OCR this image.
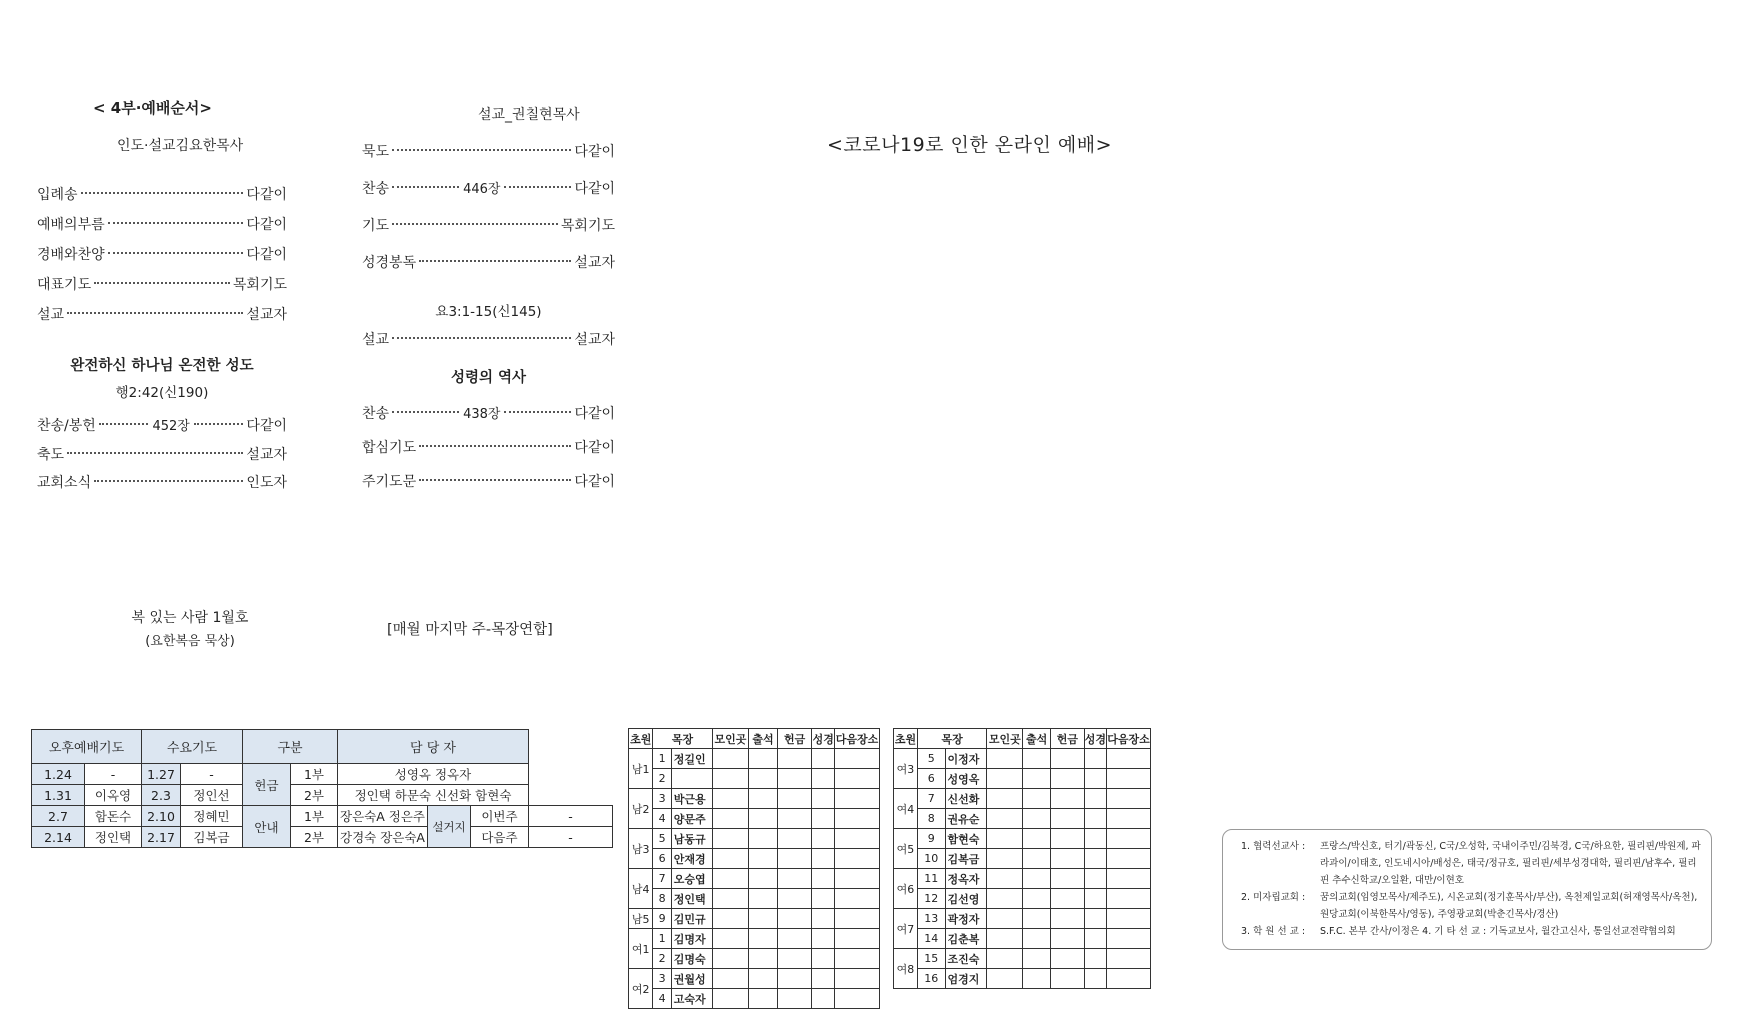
< 4부·예배순서>
인도·설교김요한목사
입례송	다같이
예배의부름	다같이
경배와찬양	다같이
대표기도	목회기도
설교	설교자
완전하신 하나님 온전한 성도
행2:42(신190)
찬송/봉헌	452장	다같이
축도	설교자
교회소식	인도자
설교_권칠현목사
묵도	다같이
찬송	446장	다같이
기도	목회기도
성경봉독	설교자
요3:1-15(신145)
설교	설교자
성령의 역사
찬송	438장	다같이
합심기도	다같이
주기도문	다같이
<코로나19로 인한 온라인 예배>
복 있는 사람 1월호
(요한복음 묵상)
[매월 마지막 주-목장연합]
오후예배기도		수요기도		구분		담 당 자			
1.24	-	1.27	-	헌금	1부	성영옥 정옥자			
1.31	이옥영	2.3	정인선		2부	정인택 하문숙 신선화 함현숙			
2.7	함돈수	2.10	정혜민	안내	1부	장은숙A 정은주	설거지	이번주	-
2.14	정인택	2.17	김복금		2부	강경숙 장은숙A		다음주	-
초원	목장		모인곳	출석	헌금	성경	다음장소
남1	1	정길인					
	2						
남2	3	박근용					
	4	양문주					
남3	5	남동규					
	6	안재경					
남4	7	오승엽					
	8	정인택					
남5	9	김민규					
여1	1	김명자					
	2	김명숙					
여2	3	권월성					
	4	고숙자					
초원	목장		모인곳	출석	헌금	성경	다음장소
여3	5	이정자					
	6	성영옥					
여4	7	신선화					
	8	권유순					
여5	9	함현숙					
	10	김복금					
여6	11	정옥자					
	12	김선영					
여7	13	곽정자					
	14	김춘복					
여8	15	조진숙					
	16	엄경지					
1. 협력선교사 :	프랑스/박신호, 터기/곽동신, C국/오성학, 국내이주민/김북경, C국/하요한, 필리핀/박원제, 파라과이/이태호, 인도네시아/배성은, 태국/정규호, 필리핀/세부성경대학, 필리핀/남후수, 필리핀 추수신학교/오일환, 대만/이현호
2. 미자립교회 :	꿈의교회(임영모목사/제주도), 시온교회(정기훈목사/부산), 옥천제일교회(허재영목사/옥천), 원당교회(이북한목사/영동), 주영광교회(박춘긴목사/경산)
3. 학 원 선 교 :	S.F.C. 본부 간사/이정은 4. 기 타 선 교 : 기독교보사, 월간고신사, 통일선교전략협의회
